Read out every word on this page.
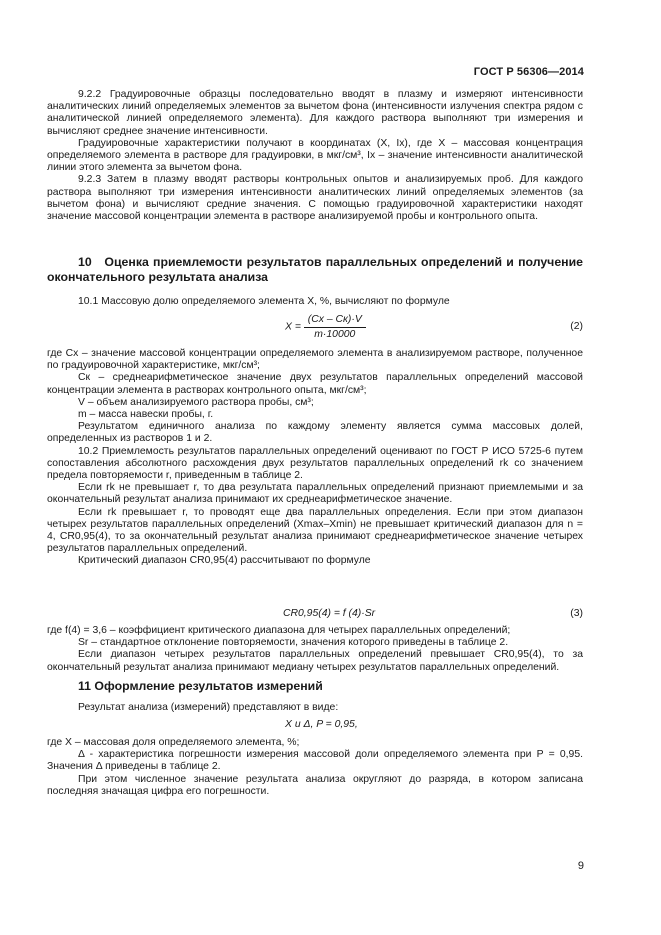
ГОСТ Р 56306—2014

9.2.2 Градуировочные образцы последовательно вводят в плазму и измеряют интенсивности аналитических линий определяемых элементов за вычетом фона (интенсивности излучения спектра рядом с аналитической линией определяемого элемента). Для каждого раствора выполняют три измерения и вычисляют среднее значение интенсивности.

Градуировочные характеристики получают в координатах (X, Iх), где X – массовая концентрация определяемого элемента в растворе для градуировки, в мкг/см³, Iх – значение интенсивности аналитической линии этого элемента за вычетом фона.

9.2.3 Затем в плазму вводят растворы контрольных опытов и анализируемых проб. Для каждого раствора выполняют три измерения интенсивности аналитических линий определяемых элементов (за вычетом фона) и вычисляют средние значения. С помощью градуировочной характеристики находят значение массовой концентрации элемента в растворе анализируемой пробы и контрольного опыта.

10 Оценка приемлемости результатов параллельных определений и получение окончательного результата анализа

10.1 Массовую долю определяемого элемента X, %, вычисляют по формуле

$X = \frac{(Cх - Cк)\cdot V}{m\cdot 10000}$	(2)

где Cх – значение массовой концентрации определяемого элемента в анализируемом растворе, полученное по градуировочной характеристике, мкг/см³;

Cк – среднеарифметическое значение двух результатов параллельных определений массовой концентрации элемента в растворах контрольного опыта, мкг/см³;

V – объем анализируемого раствора пробы, см³;

m – масса навески пробы, г.

Результатом единичного анализа по каждому элементу является сумма массовых долей, определенных из растворов 1 и 2.

10.2 Приемлемость результатов параллельных определений оценивают по ГОСТ Р ИСО 5725-6 путем сопоставления абсолютного расхождения двух результатов параллельных определений rk со значением предела повторяемости r, приведенным в таблице 2.

Если rk не превышает r, то два результата параллельных определений признают приемлемыми и за окончательный результат анализа принимают их среднеарифметическое значение.

Если rk превышает r, то проводят еще два параллельных определения. Если при этом диапазон четырех результатов параллельных определений (Xmax–Xmin) не превышает критический диапазон для n = 4, CR0,95(4), то за окончательный результат анализа принимают среднеарифметическое значение четырех результатов параллельных определений.

Критический диапазон CR0,95(4) рассчитывают по формуле

CR0,95(4) = f (4)·Sr	(3)

где f(4) = 3,6 – коэффициент критического диапазона для четырех параллельных определений;

Sr – стандартное отклонение повторяемости, значения которого приведены в таблице 2.

Если диапазон четырех результатов параллельных определений превышает CR0,95(4), то за окончательный результат анализа принимают медиану четырех результатов параллельных определений.

11 Оформление результатов измерений

Результат анализа (измерений) представляют в виде:

X и Δ, P = 0,95,

где X – массовая доля определяемого элемента, %;

Δ - характеристика погрешности измерения массовой доли определяемого элемента при P = 0,95. Значения Δ приведены в таблице 2.

При этом численное значение результата анализа округляют до разряда, в котором записана последняя значащая цифра его погрешности.

9
